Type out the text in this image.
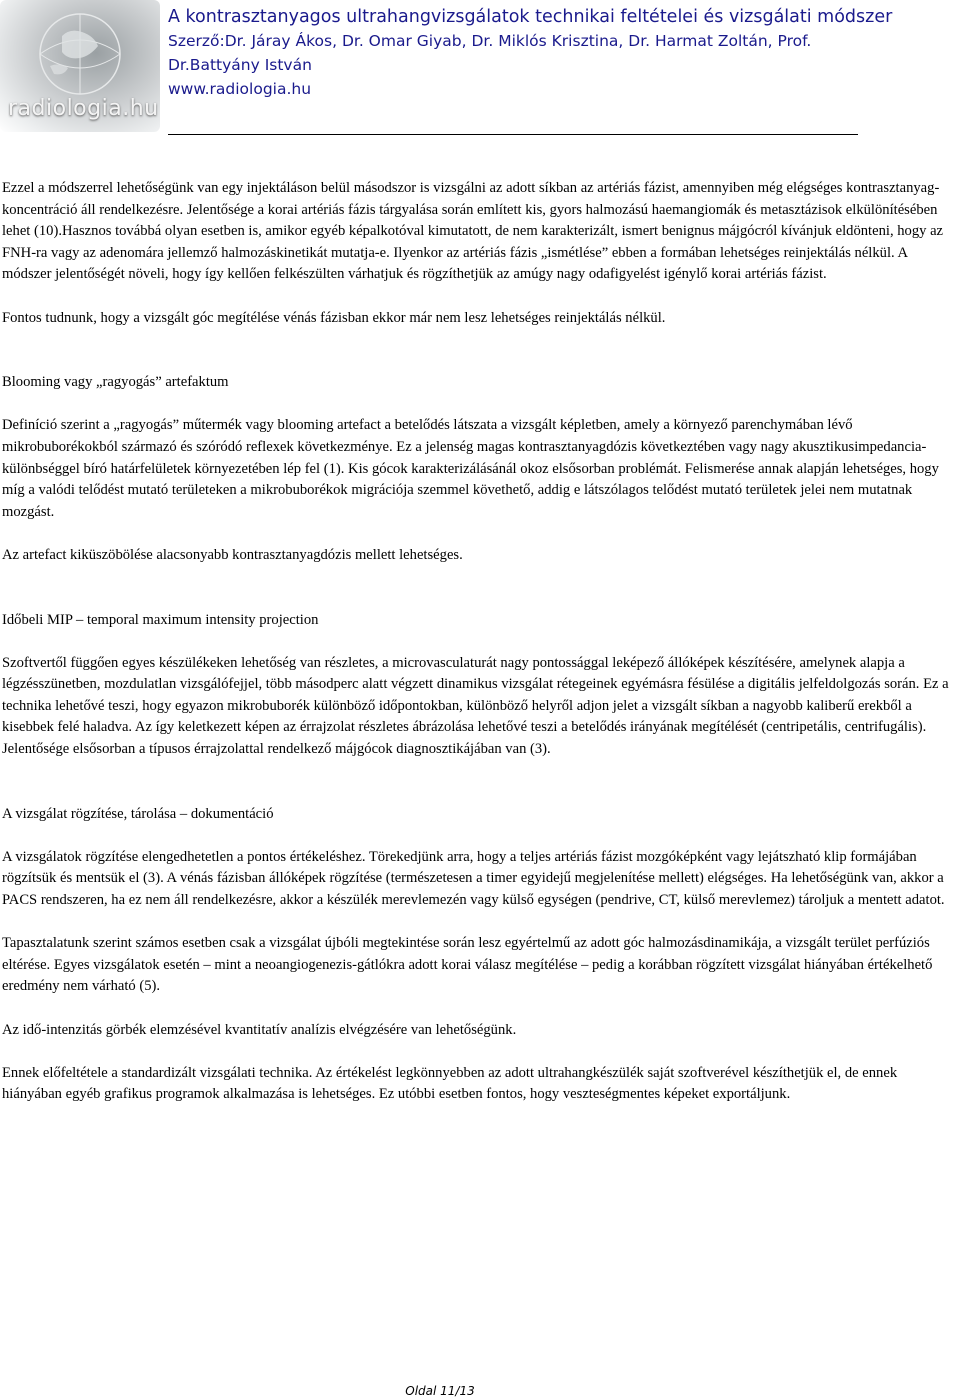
radiologia.hu
A kontrasztanyagos ultrahangvizsgálatok technikai feltételei és vizsgálati módszer
Szerző:Dr. Járay Ákos, Dr. Omar Giyab, Dr. Miklós Krisztina, Dr. Harmat Zoltán, Prof. Dr.Battyány István
www.radiologia.hu

Ezzel a módszerrel lehetőségünk van egy injektáláson belül másodszor is vizsgálni az adott síkban az artériás fázist, amennyiben még elégséges kontrasztanyag-koncentráció áll rendelkezésre. Jelentősége a korai artériás fázis tárgyalása során említett kis, gyors halmozású haemangiomák és metasztázisok elkülönítésében lehet (10).Hasznos továbbá olyan esetben is, amikor egyéb képalkotóval kimutatott, de nem karakterizált, ismert benignus májgócról kívánjuk eldönteni, hogy az FNH-ra vagy az adenomára jellemző halmozáskinetikát mutatja-e. Ilyenkor az artériás fázis „ismétlése” ebben a formában lehetséges reinjektálás nélkül. A módszer jelentőségét növeli, hogy így kellően felkészülten várhatjuk és rögzíthetjük az amúgy nagy odafigyelést igénylő korai artériás fázist.

Fontos tudnunk, hogy a vizsgált góc megítélése vénás fázisban ekkor már nem lesz lehetséges reinjektálás nélkül.

Blooming vagy „ragyogás” artefaktum

Definíció szerint a „ragyogás” műtermék vagy blooming artefact a betelődés látszata a vizsgált képletben, amely a környező parenchymában lévő mikrobuborékokból származó és szóródó reflexek következménye. Ez a jelenség magas kontrasztanyagdózis következtében vagy nagy akusztikusimpedancia-különbséggel bíró határfelületek környezetében lép fel (1). Kis gócok karakterizálásánál okoz elsősorban problémát. Felismerése annak alapján lehetséges, hogy míg a valódi telődést mutató területeken a mikrobuborékok migrációja szemmel követhető, addig e látszólagos telődést mutató területek jelei nem mutatnak mozgást.

Az artefact kiküszöbölése alacsonyabb kontrasztanyagdózis mellett lehetséges.

Időbeli MIP – temporal maximum intensity projection

Szoftvertől függően egyes készülékeken lehetőség van részletes, a microvasculaturát nagy pontossággal leképező állóképek készítésére, amelynek alapja a légzésszünetben, mozdulatlan vizsgálófejjel, több másodperc alatt végzett dinamikus vizsgálat rétegeinek egyémásra fésülése a digitális jelfeldolgozás során. Ez a technika lehetővé teszi, hogy egyazon mikrobuborék különböző időpontokban, különböző helyről adjon jelet a vizsgált síkban a nagyobb kaliberű erekből a kisebbek felé haladva. Az így keletkezett képen az érrajzolat részletes ábrázolása lehetővé teszi a betelődés irányának megítélését (centripetális, centrifugális). Jelentősége elsősorban a típusos érrajzolattal rendelkező májgócok diagnosztikájában van (3).

A vizsgálat rögzítése, tárolása – dokumentáció

A vizsgálatok rögzítése elengedhetetlen a pontos értékeléshez. Törekedjünk arra, hogy a teljes artériás fázist mozgóképként vagy lejátszható klip formájában rögzítsük és mentsük el (3). A vénás fázisban állóképek rögzítése (természetesen a timer egyidejű megjelenítése mellett) elégséges. Ha lehetőségünk van, akkor a PACS rendszeren, ha ez nem áll rendelkezésre, akkor a készülék merevlemezén vagy külső egységen (pendrive, CT, külső merevlemez) tároljuk a mentett adatot.

Tapasztalatunk szerint számos esetben csak a vizsgálat újbóli megtekintése során lesz egyértelmű az adott góc halmozásdinamikája, a vizsgált terület perfúziós eltérése. Egyes vizsgálatok esetén – mint a neoangiogenezis-gátlókra adott korai válasz megítélése – pedig a korábban rögzített vizsgálat hiányában értékelhető eredmény nem várható (5).

Az idő-intenzitás görbék elemzésével kvantitatív analízis elvégzésére van lehetőségünk.

Ennek előfeltétele a standardizált vizsgálati technika. Az értékelést legkönnyebben az adott ultrahangkészülék saját szoftverével készíthetjük el, de ennek hiányában egyéb grafikus programok alkalmazása is lehetséges. Ez utóbbi esetben fontos, hogy veszteségmentes képeket exportáljunk.

Oldal 11/13
